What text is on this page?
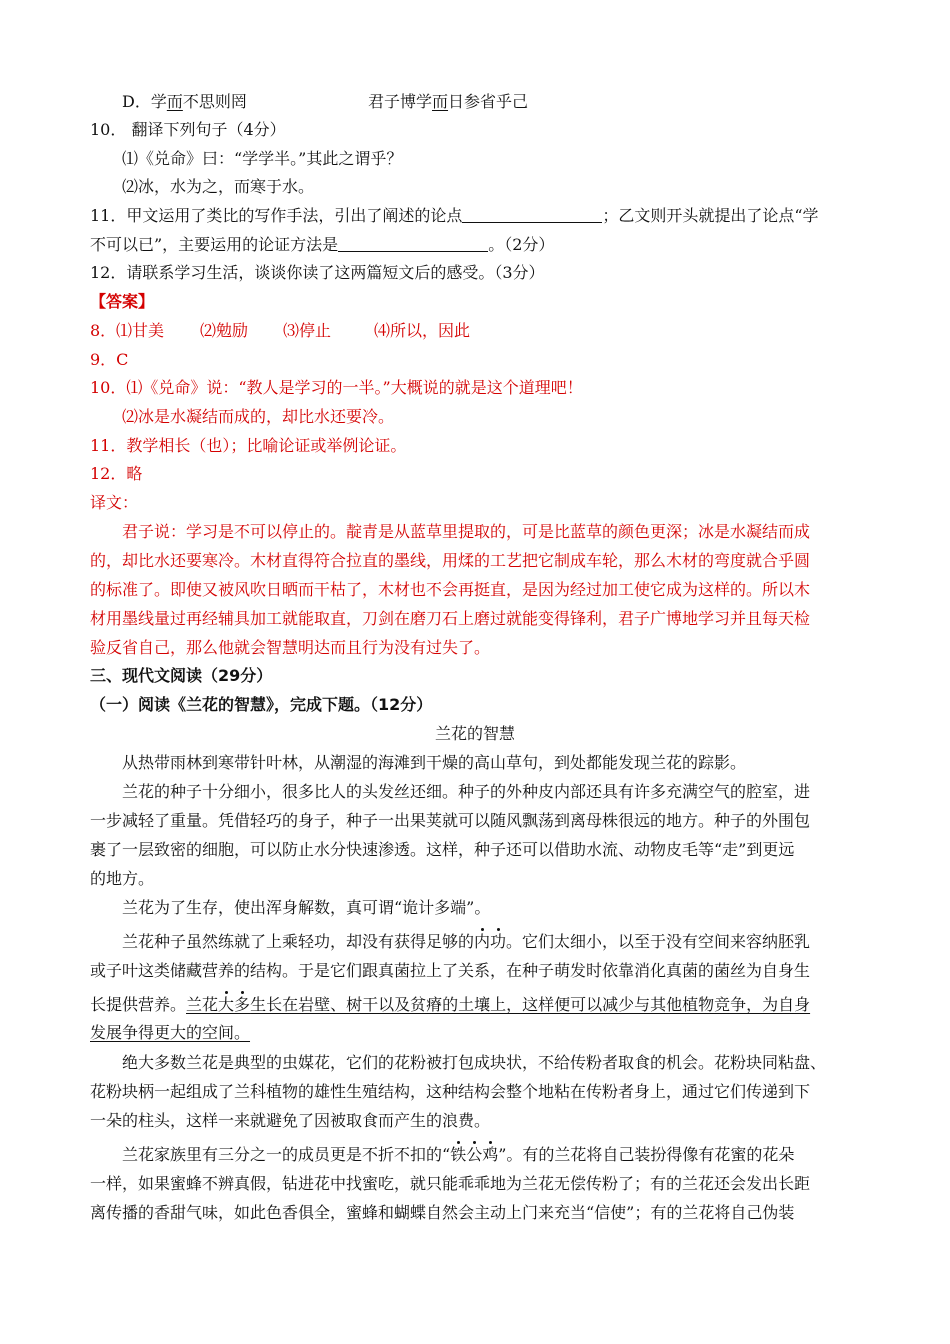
D．学而不思则罔	君子博学而日参省乎己
10． 翻译下列句子（4分）
⑴《兑命》曰：“学学半。”其此之谓乎？
⑵冰，水为之，而寒于水。
11．甲文运用了类比的写作手法，引出了阐述的论点	；乙文则开头就提出了论点“学
不可以已”，主要运用的论证方法是	。（2分）
12．请联系学习生活，谈谈你读了这两篇短文后的感受。（3分）
【答案】
8． ⑴甘美 ⑵勉励 ⑶停止	⑷所以，因此
9．C
10．⑴《兑命》说：“教人是学习的一半。”大概说的就是这个道理吧！
⑵冰是水凝结而成的，却比水还要冷。
11．教学相长（也）；比喻论证或举例论证。
12．略
译文：
君子说：学习是不可以停止的。靛青是从蓝草里提取的，可是比蓝草的颜色更深；冰是水凝结而成
的，却比水还要寒冷。木材直得符合拉直的墨线，用煣的工艺把它制成车轮，那么木材的弯度就合乎圆
的标准了。即使又被风吹日晒而干枯了，木材也不会再挺直，是因为经过加工使它成为这样的。所以木
材用墨线量过再经辅具加工就能取直，刀剑在磨刀石上磨过就能变得锋利，君子广博地学习并且每天检
验反省自己，那么他就会智慧明达而且行为没有过失了。
三、现代文阅读（29分）
（一）阅读《兰花的智慧》，完成下题。（12分）
兰花的智慧
从热带雨林到寒带针叶林，从潮湿的海滩到干燥的高山草句，到处都能发现兰花的踪影。
兰花的种子十分细小，很多比人的头发丝还细。种子的外种皮内部还具有许多充满空气的腔室，进
一步减轻了重量。凭借轻巧的身子，种子一出果荚就可以随风飘荡到离母株很远的地方。种子的外围包
裹了一层致密的细胞，可以防止水分快速渗透。这样，种子还可以借助水流、动物皮毛等“走”到更远
的地方。
兰花为了生存，使出浑身解数，真可谓“诡计多端”。
兰花种子虽然练就了上乘轻功，却没有获得足够的内功。它们太细小，以至于没有空间来容纳胚乳
或子叶这类储藏营养的结构。于是它们跟真菌拉上了关系，在种子萌发时依靠消化真菌的菌丝为自身生
长提供营养。兰花大多生长在岩壁、树干以及贫瘠的土壤上，这样便可以减少与其他植物竞争，为自身
发展争得更大的空间。
绝大多数兰花是典型的虫媒花，它们的花粉被打包成块状，不给传粉者取食的机会。花粉块同粘盘、
花粉块柄一起组成了兰科植物的雄性生殖结构，这种结构会整个地粘在传粉者身上，通过它们传递到下
一朵的柱头，这样一来就避免了因被取食而产生的浪费。
兰花家族里有三分之一的成员更是不折不扣的“铁公鸡”。有的兰花将自己装扮得像有花蜜的花朵
一样，如果蜜蜂不辨真假，钻进花中找蜜吃，就只能乖乖地为兰花无偿传粉了；有的兰花还会发出长距
离传播的香甜气味，如此色香俱全，蜜蜂和蝴蝶自然会主动上门来充当“信使”；有的兰花将自己伪装
